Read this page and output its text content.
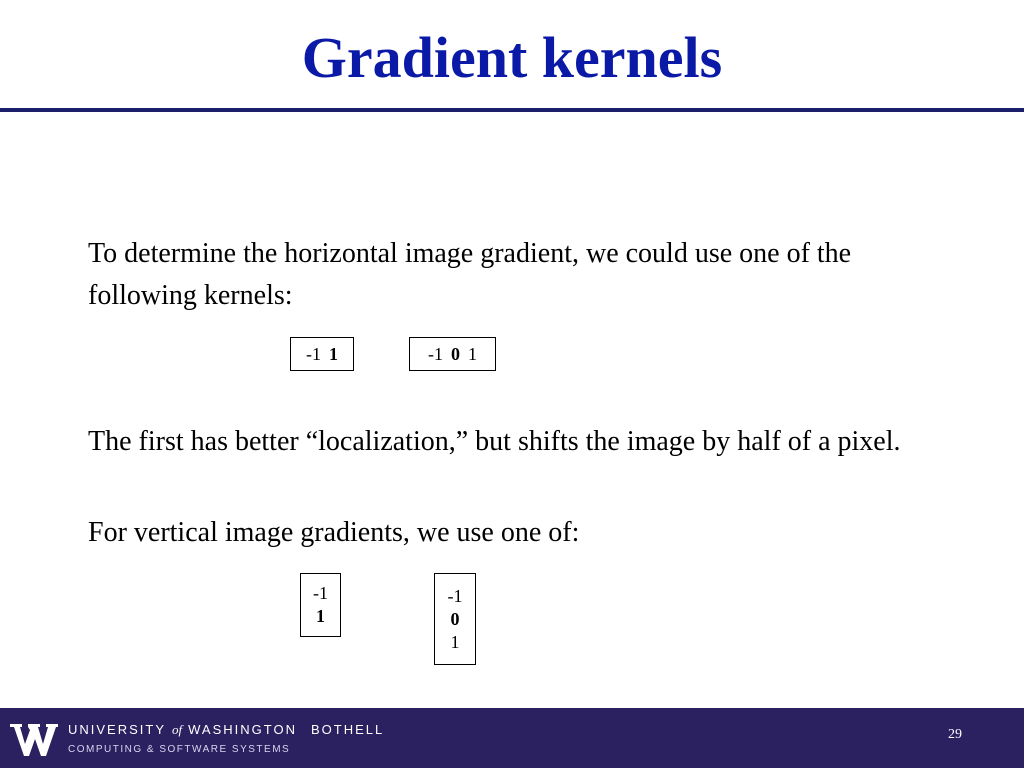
Gradient kernels
To determine the horizontal image gradient, we could use one of the following kernels:
-1 1	-1 0 1
The first has better “localization,” but shifts the image by half of a pixel.
For vertical image gradients, we use one of:
-1
1
-1
0
1
UNIVERSITY of WASHINGTON BOTHELL
COMPUTING & SOFTWARE SYSTEMS
29
